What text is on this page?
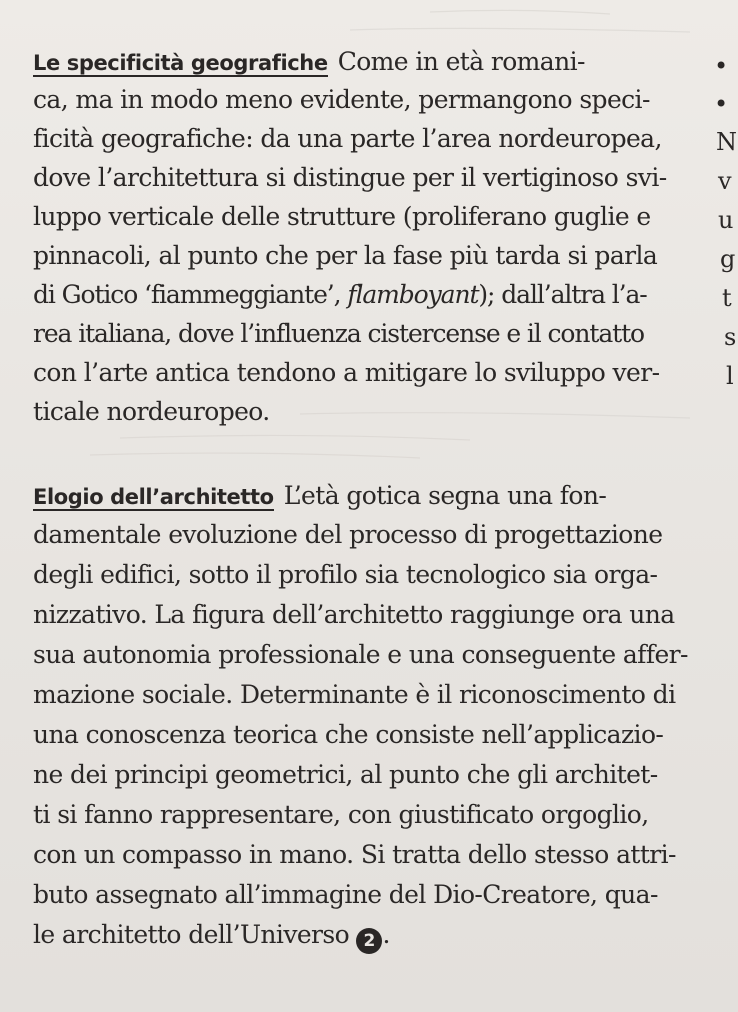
Le specificità geografiche Come in età romani-
ca, ma in modo meno evidente, permangono speci-
ficità geografiche: da una parte l’area nordeuropea,
dove l’architettura si distingue per il vertiginoso svi-
luppo verticale delle strutture (proliferano guglie e
pinnacoli, al punto che per la fase più tarda si parla
di Gotico ‘fiammeggiante’, flamboyant); dall’altra l’a-
rea italiana, dove l’influenza cistercense e il contatto
con l’arte antica tendono a mitigare lo sviluppo ver-
ticale nordeuropeo.
Elogio dell’architetto L’età gotica segna una fon-
damentale evoluzione del processo di progettazione
degli edifici, sotto il profilo sia tecnologico sia orga-
nizzativo. La figura dell’architetto raggiunge ora una
sua autonomia professionale e una conseguente affer-
mazione sociale. Determinante è il riconoscimento di
una conoscenza teorica che consiste nell’applicazio-
ne dei principi geometrici, al punto che gli architet-
ti si fanno rappresentare, con giustificato orgoglio,
con un compasso in mano. Si tratta dello stesso attri-
buto assegnato all’immagine del Dio-Creatore, qua-
le architetto dell’Universo 2 .
•
•
N
v
u
g
t
s
l
